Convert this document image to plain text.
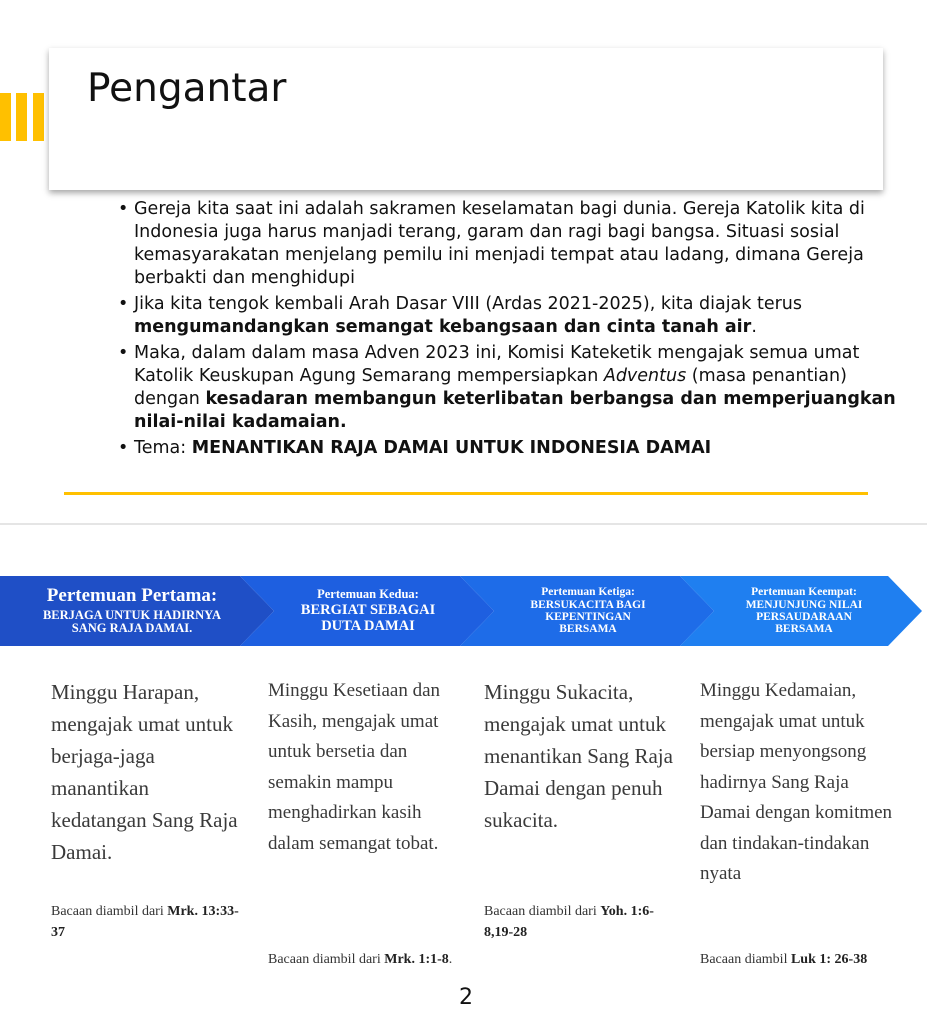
Pengantar
• Gereja kita saat ini adalah sakramen keselamatan bagi dunia. Gereja Katolik kita di Indonesia juga harus manjadi terang, garam dan ragi bagi bangsa. Situasi sosial kemasyarakatan menjelang pemilu ini menjadi tempat atau ladang, dimana Gereja berbakti dan menghidupi
• Jika kita tengok kembali Arah Dasar VIII (Ardas 2021-2025), kita diajak terus mengumandangkan semangat kebangsaan dan cinta tanah air.
• Maka, dalam dalam masa Adven 2023 ini, Komisi Kateketik mengajak semua umat Katolik Keuskupan Agung Semarang mempersiapkan Adventus (masa penantian) dengan kesadaran membangun keterlibatan berbangsa dan memperjuangkan nilai-nilai kadamaian.
• Tema: MENANTIKAN RAJA DAMAI UNTUK INDONESIA DAMAI
Pertemuan Pertama:
BERJAGA UNTUK HADIRNYA
SANG RAJA DAMAI.
Pertemuan Kedua:
BERGIAT SEBAGAI
DUTA DAMAI
Pertemuan Ketiga:
BERSUKACITA BAGI
KEPENTINGAN
BERSAMA
Pertemuan Keempat:
MENJUNJUNG NILAI
PERSAUDARAAN
BERSAMA

Minggu Harapan, mengajak umat untuk berjaga-jaga manantikan kedatangan Sang Raja Damai.

Bacaan diambil dari Mrk. 13:33-37

Minggu Kesetiaan dan Kasih, mengajak umat untuk bersetia dan semakin mampu menghadirkan kasih dalam semangat tobat.

Bacaan diambil dari Mrk. 1:1-8.

Minggu Sukacita, mengajak umat untuk menantikan Sang Raja Damai dengan penuh sukacita.

Bacaan diambil dari Yoh. 1:6-8,19-28

Minggu Kedamaian, mengajak umat untuk bersiap menyongsong hadirnya Sang Raja Damai dengan komitmen dan tindakan-tindakan nyata

Bacaan diambil Luk 1: 26-38

2
